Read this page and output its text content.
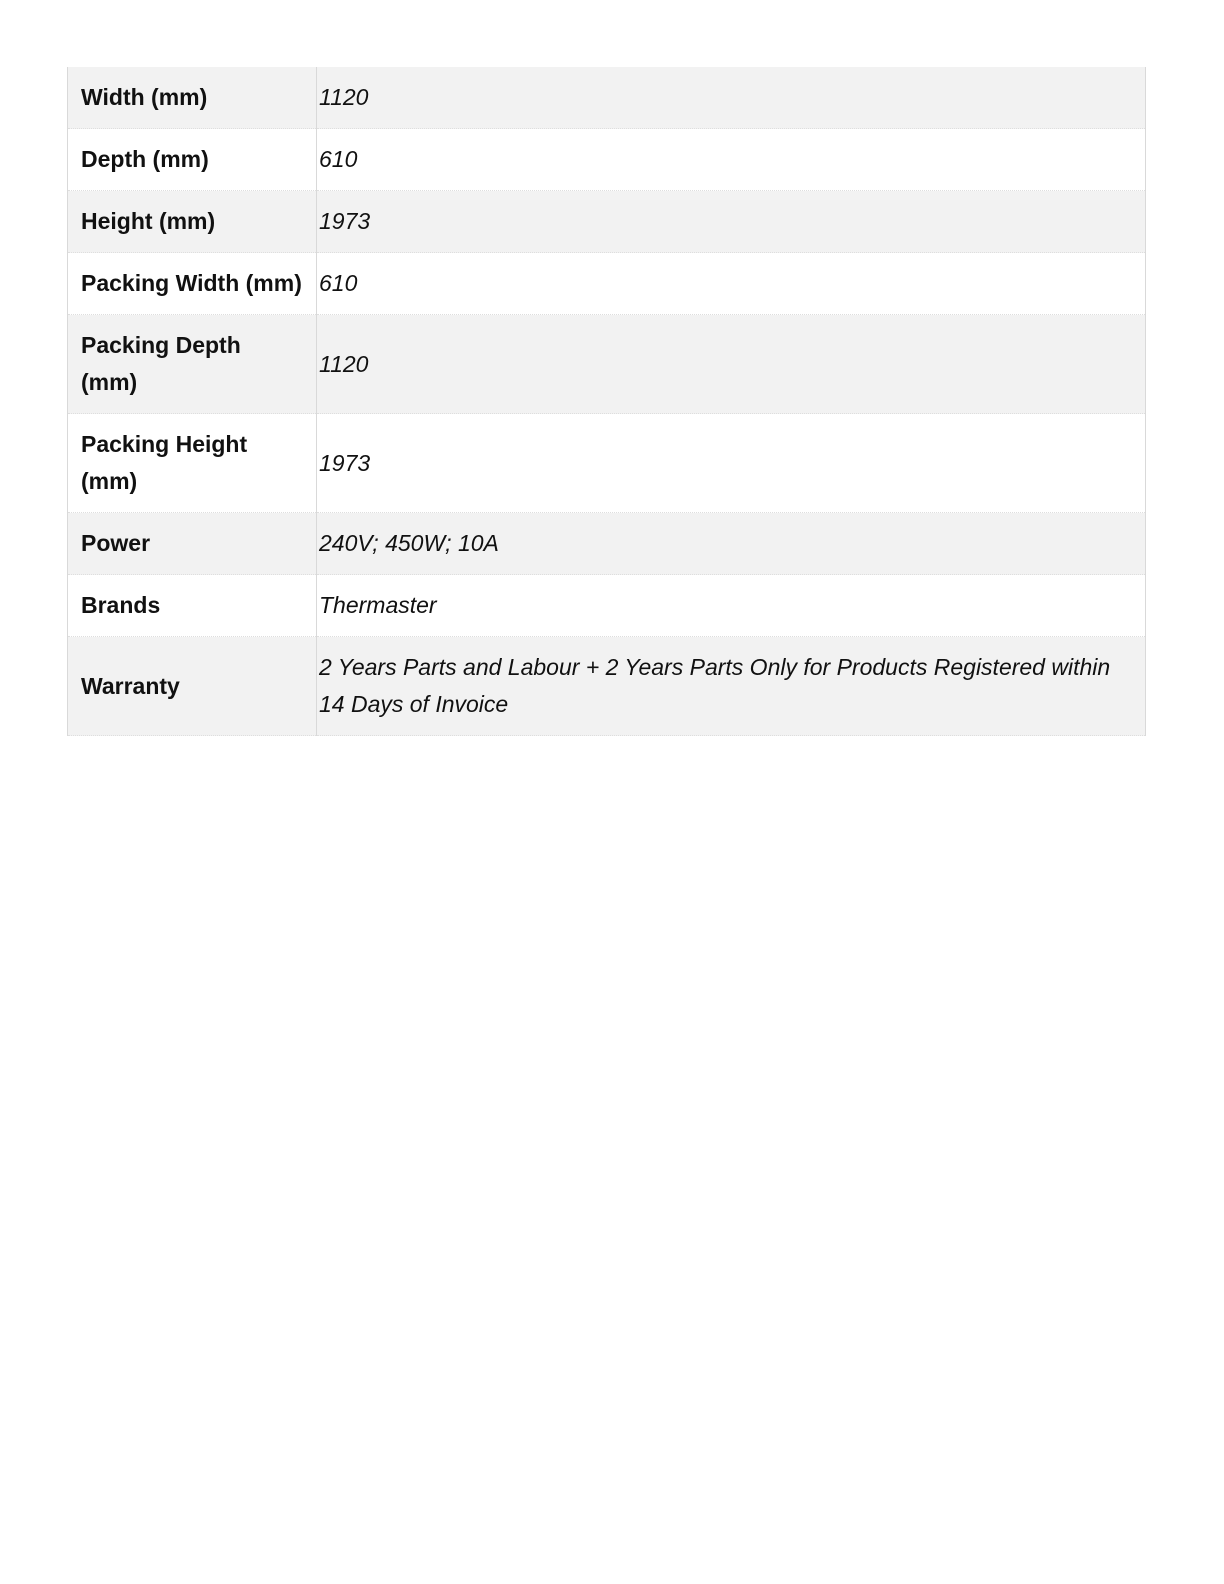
Width (mm)	1120
Depth (mm)	610
Height (mm)	1973
Packing Width (mm)	610
Packing Depth (mm)	1120
Packing Height (mm)	1973
Power	240V; 450W; 10A
Brands	Thermaster
Warranty	2 Years Parts and Labour + 2 Years Parts Only for Products Registered within 14 Days of Invoice
